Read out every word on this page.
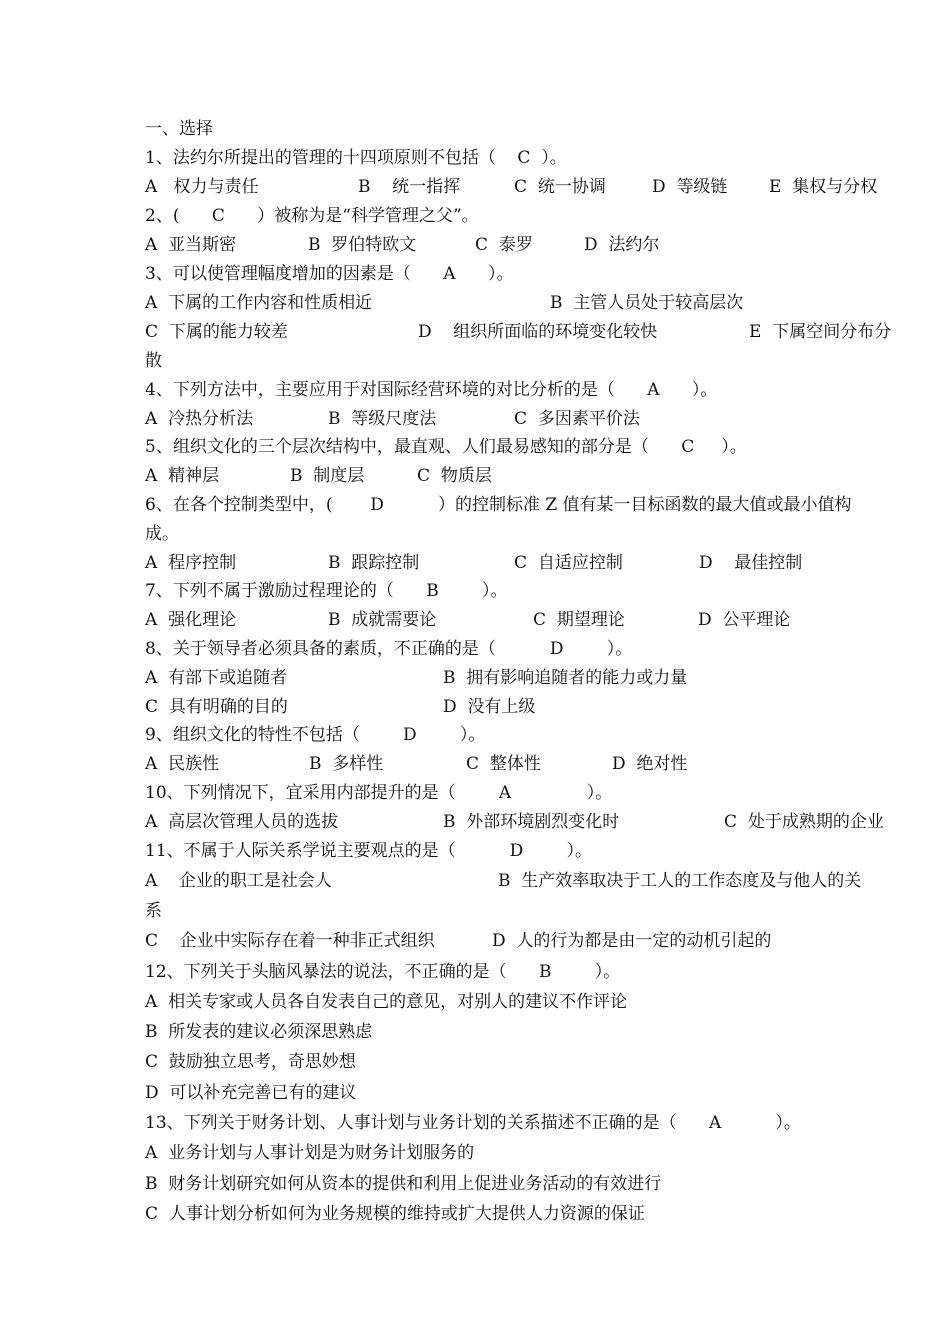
一、选择
1、法约尔所提出的管理的十四项原则不包括（    C  ）。

A   权力与责任

	B    统一指挥

	C  统一协调

	D  等级链

E  集权与分权

2、(      C      ）被称为是“科学管理之父”。

A  亚当斯密

	B  罗伯特欧文

	C  泰罗

	D  法约尔

3、可以使管理幅度增加的因素是（      A      ）。

A  下属的工作内容和性质相近

	B  主管人员处于较高层次

C  下属的能力较差

	D    组织所面临的环境变化较快

	E  下属空间分布分

散
4、下列方法中，主要应用于对国际经营环境的对比分析的是（      A      ）。

A  冷热分析法

	B  等级尺度法

	C  多因素平价法

5、组织文化的三个层次结构中，最直观、人们最易感知的部分是（      C     ）。

A  精神层

	B  制度层

	C  物质层

6、在各个控制类型中，(       D          ）的控制标准 Z 值有某一目标函数的最大值或最小值构
成。

A  程序控制

	B  跟踪控制

	C  自适应控制

	D    最佳控制

7、下列不属于激励过程理论的（      B        ）。

A  强化理论

	B  成就需要论

	C  期望理论

	D  公平理论

8、关于领导者必须具备的素质，不正确的是（          D        ）。

A  有部下或追随者

	B  拥有影响追随者的能力或力量

C  具有明确的目的

	D  没有上级

9、组织文化的特性不包括（        D        ）。

A  民族性

	B  多样性

	C  整体性

	D  绝对性

10、下列情况下，宜采用内部提升的是（        A              ）。

A  高层次管理人员的选拔

	B  外部环境剧烈变化时

	C  处于成熟期的企业

11、不属于人际关系学说主要观点的是（          D        ）。

A    企业的职工是社会人

	B  生产效率取决于工人的工作态度及与他人的关

系

C    企业中实际存在着一种非正式组织

	D  人的行为都是由一定的动机引起的

12、下列关于头脑风暴法的说法，不正确的是（      B        ）。
A  相关专家或人员各自发表自己的意见，对别人的建议不作评论
B  所发表的建议必须深思熟虑
C  鼓励独立思考，奇思妙想
D  可以补充完善已有的建议
13、下列关于财务计划、人事计划与业务计划的关系描述不正确的是（      A          ）。
A  业务计划与人事计划是为财务计划服务的
B  财务计划研究如何从资本的提供和利用上促进业务活动的有效进行
C  人事计划分析如何为业务规模的维持或扩大提供人力资源的保证
